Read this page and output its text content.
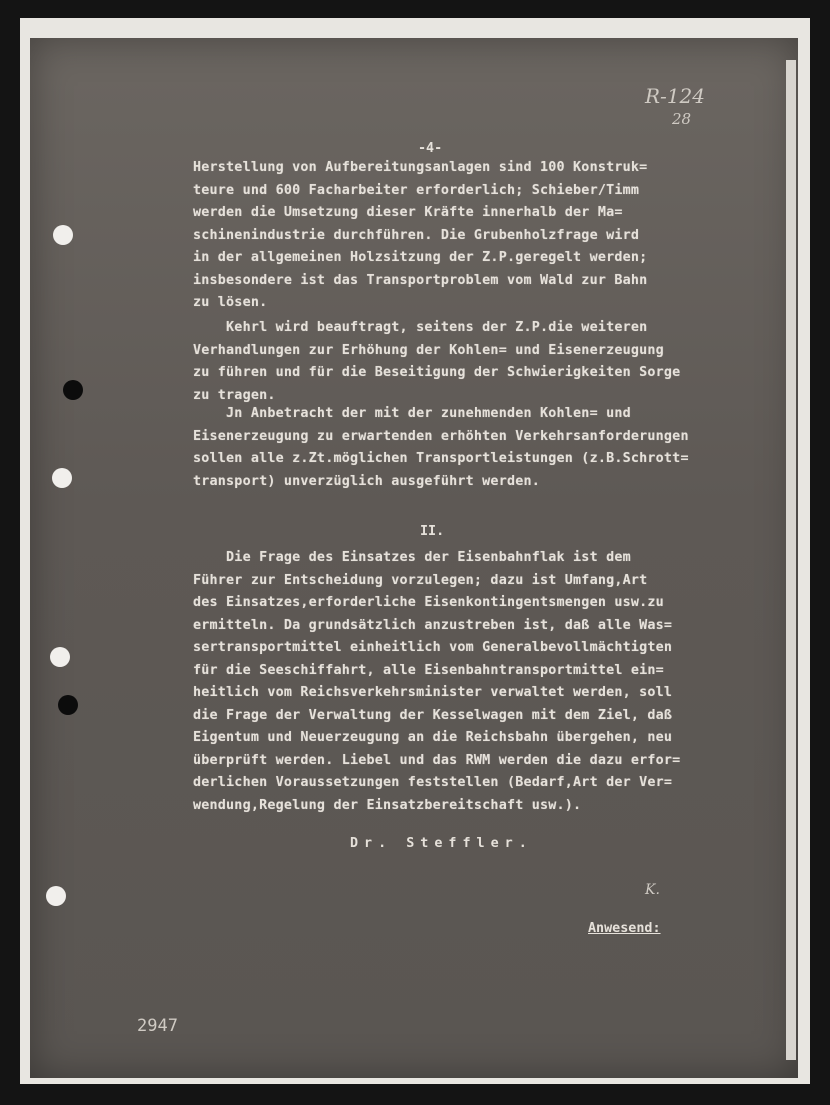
R-124
28
K.
2947
-4-

Herstellung von Aufbereitungsanlagen sind 100 Konstruk=

teure und 600 Facharbeiter erforderlich; Schieber/Timm

werden die Umsetzung dieser Kräfte innerhalb der Ma=

schinenindustrie durchführen. Die Grubenholzfrage wird

in der allgemeinen Holzsitzung der Z.P.geregelt werden;

insbesondere ist das Transportproblem vom Wald zur Bahn

zu lösen.

Kehrl wird beauftragt, seitens der Z.P.die weiteren

Verhandlungen zur Erhöhung der Kohlen= und Eisenerzeugung

zu führen und für die Beseitigung der Schwierigkeiten Sorge

zu tragen.

Jn Anbetracht der mit der zunehmenden Kohlen= und

Eisenerzeugung zu erwartenden erhöhten Verkehrsanforderungen

sollen alle z.Zt.möglichen Transportleistungen (z.B.Schrott=

transport) unverzüglich ausgeführt werden.

II.

Die Frage des Einsatzes der Eisenbahnflak ist dem

Führer zur Entscheidung vorzulegen; dazu ist Umfang,Art

des Einsatzes,erforderliche Eisenkontingentsmengen usw.zu

ermitteln. Da grundsätzlich anzustreben ist, daß alle Was=

sertransportmittel einheitlich vom Generalbevollmächtigten

für die Seeschiffahrt, alle Eisenbahntransportmittel ein=

heitlich vom Reichsverkehrsminister verwaltet werden, soll

die Frage der Verwaltung der Kesselwagen mit dem Ziel, daß

Eigentum und Neuerzeugung an die Reichsbahn übergehen, neu

überprüft werden. Liebel und das RWM werden die dazu erfor=

derlichen Voraussetzungen feststellen (Bedarf,Art der Ver=

wendung,Regelung der Einsatzbereitschaft usw.).

Dr. Steffler.
Anwesend:
